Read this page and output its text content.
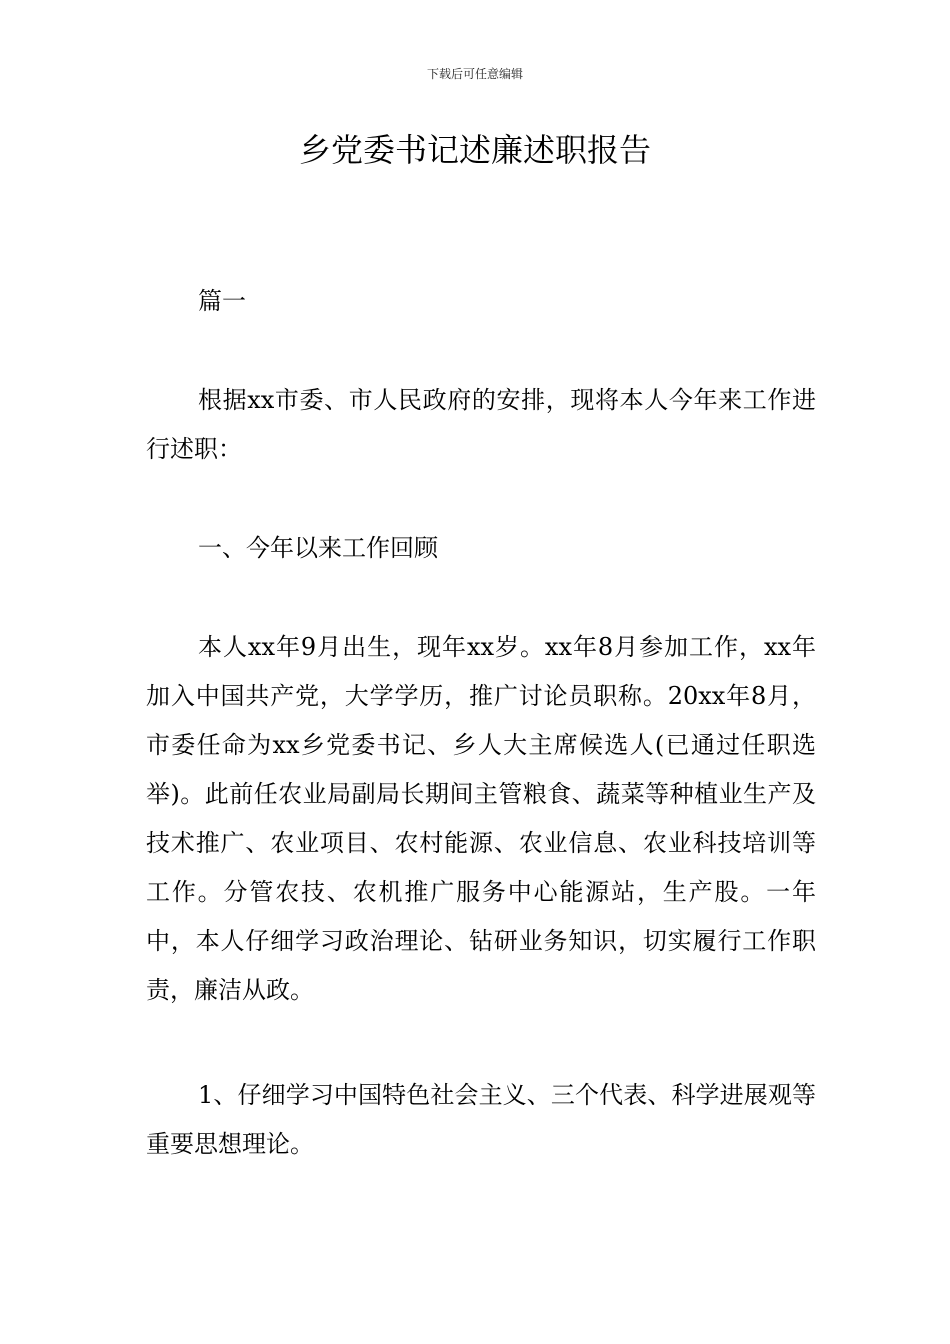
下载后可任意编辑
乡党委书记述廉述职报告

篇一

根据xx市委、市人民政府的安排，现将本人今年来工作进行述职：

一、今年以来工作回顾

本人xx年9月出生，现年xx岁。xx年8月参加工作，xx年加入中国共产党，大学学历，推广讨论员职称。20xx年8月，市委任命为xx乡党委书记、乡人大主席候选人(已通过任职选举)。此前任农业局副局长期间主管粮食、蔬菜等种植业生产及技术推广、农业项目、农村能源、农业信息、农业科技培训等工作。分管农技、农机推广服务中心能源站，生产股。一年中，本人仔细学习政治理论、钻研业务知识，切实履行工作职责，廉洁从政。

1、仔细学习中国特色社会主义、三个代表、科学进展观等重要思想理论。
